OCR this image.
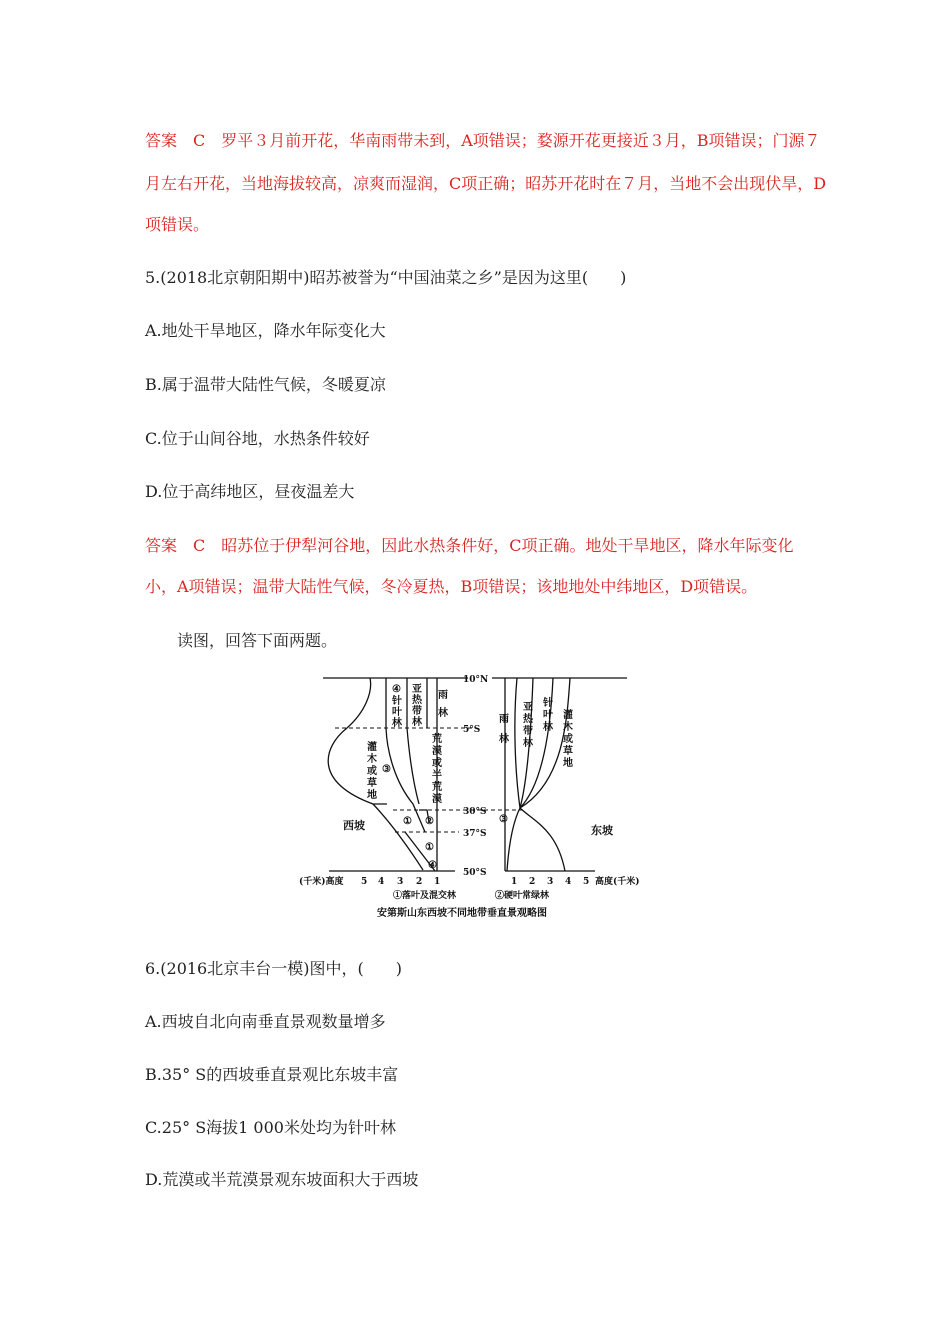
答案　C　罗平３月前开花，华南雨带未到，A项错误；婺源开花更接近３月，B项错误；门源７
月左右开花，当地海拔较高，凉爽而湿润，C项正确；昭苏开花时在７月，当地不会出现伏旱，D
项错误。
5.(2018北京朝阳期中)昭苏被誉为“中国油菜之乡”是因为这里(　　)
A.地处干旱地区，降水年际变化大
B.属于温带大陆性气候，冬暖夏凉
C.位于山间谷地，水热条件较好
D.位于高纬地区，昼夜温差大
答案　C　昭苏位于伊犁河谷地，因此水热条件好，C项正确。地处干旱地区，降水年际变化
小，A项错误；温带大陆性气候，冬冷夏热，B项错误；该地地处中纬地区，D项错误。
读图，回答下面两题。
10°N
5°S
30°S
37°S
50°S
④
针
叶
林
亚
热
带
林
雨
林
灌
木
或
草
地
荒
漠
或
半
荒
漠
③
① ②
①
④
雨
林
亚
热
带
林
针
叶
林
灌
木
或
草
地
③
西坡	东坡
(千米)高度 5 4 3 2 1	1 2 3 4 5 高度(千米)
①落叶及混交林	②硬叶常绿林
安第斯山东西坡不同地带垂直景观略图
6.(2016北京丰台一模)图中，(　　)
A.西坡自北向南垂直景观数量增多
B.35° S的西坡垂直景观比东坡丰富
C.25° S海拔1 000米处均为针叶林
D.荒漠或半荒漠景观东坡面积大于西坡
